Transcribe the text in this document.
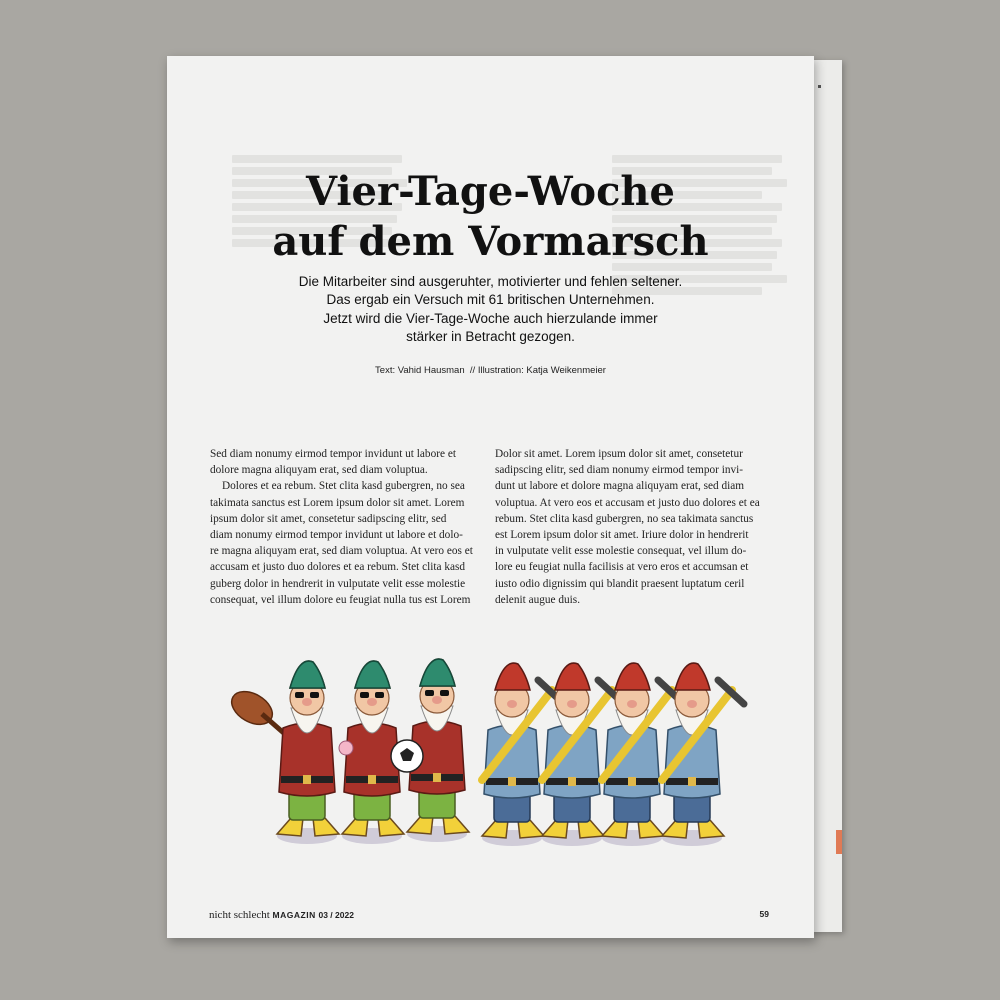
Vier-Tage-Woche
auf dem Vormarsch

Die Mitarbeiter sind ausgeruhter, motivierter und fehlen seltener.
Das ergab ein Versuch mit 61 britischen Unternehmen.
Jetzt wird die Vier-Tage-Woche auch hierzulande immer
stärker in Betracht gezogen.

Text: Vahid Hausman  // Illustration: Katja Weikenmeier

Sed diam nonumy eirmod tempor invidunt ut labore et
dolore magna aliquyam erat, sed diam voluptua.
Dolores et ea rebum. Stet clita kasd gubergren, no sea
takimata sanctus est Lorem ipsum dolor sit amet. Lorem
ipsum dolor sit amet, consetetur sadipscing elitr, sed
diam nonumy eirmod tempor invidunt ut labore et dolo-
re magna aliquyam erat, sed diam voluptua. At vero eos et
accusam et justo duo dolores et ea rebum. Stet clita kasd
guberg dolor in hendrerit in vulputate velit esse molestie
consequat, vel illum dolore eu feugiat nulla tus est Lorem

Dolor sit amet. Lorem ipsum dolor sit amet, consetetur
sadipscing elitr, sed diam nonumy eirmod tempor invi-
dunt ut labore et dolore magna aliquyam erat, sed diam
voluptua. At vero eos et accusam et justo duo dolores et ea
rebum. Stet clita kasd gubergren, no sea takimata sanctus
est Lorem ipsum dolor sit amet. Iriure dolor in hendrerit
in vulputate velit esse molestie consequat, vel illum do-
lore eu feugiat nulla facilisis at vero eros et accumsan et
iusto odio dignissim qui blandit praesent luptatum ceril
delenit augue duis.

nicht schlecht MAGAZIN 03 / 2022	59
